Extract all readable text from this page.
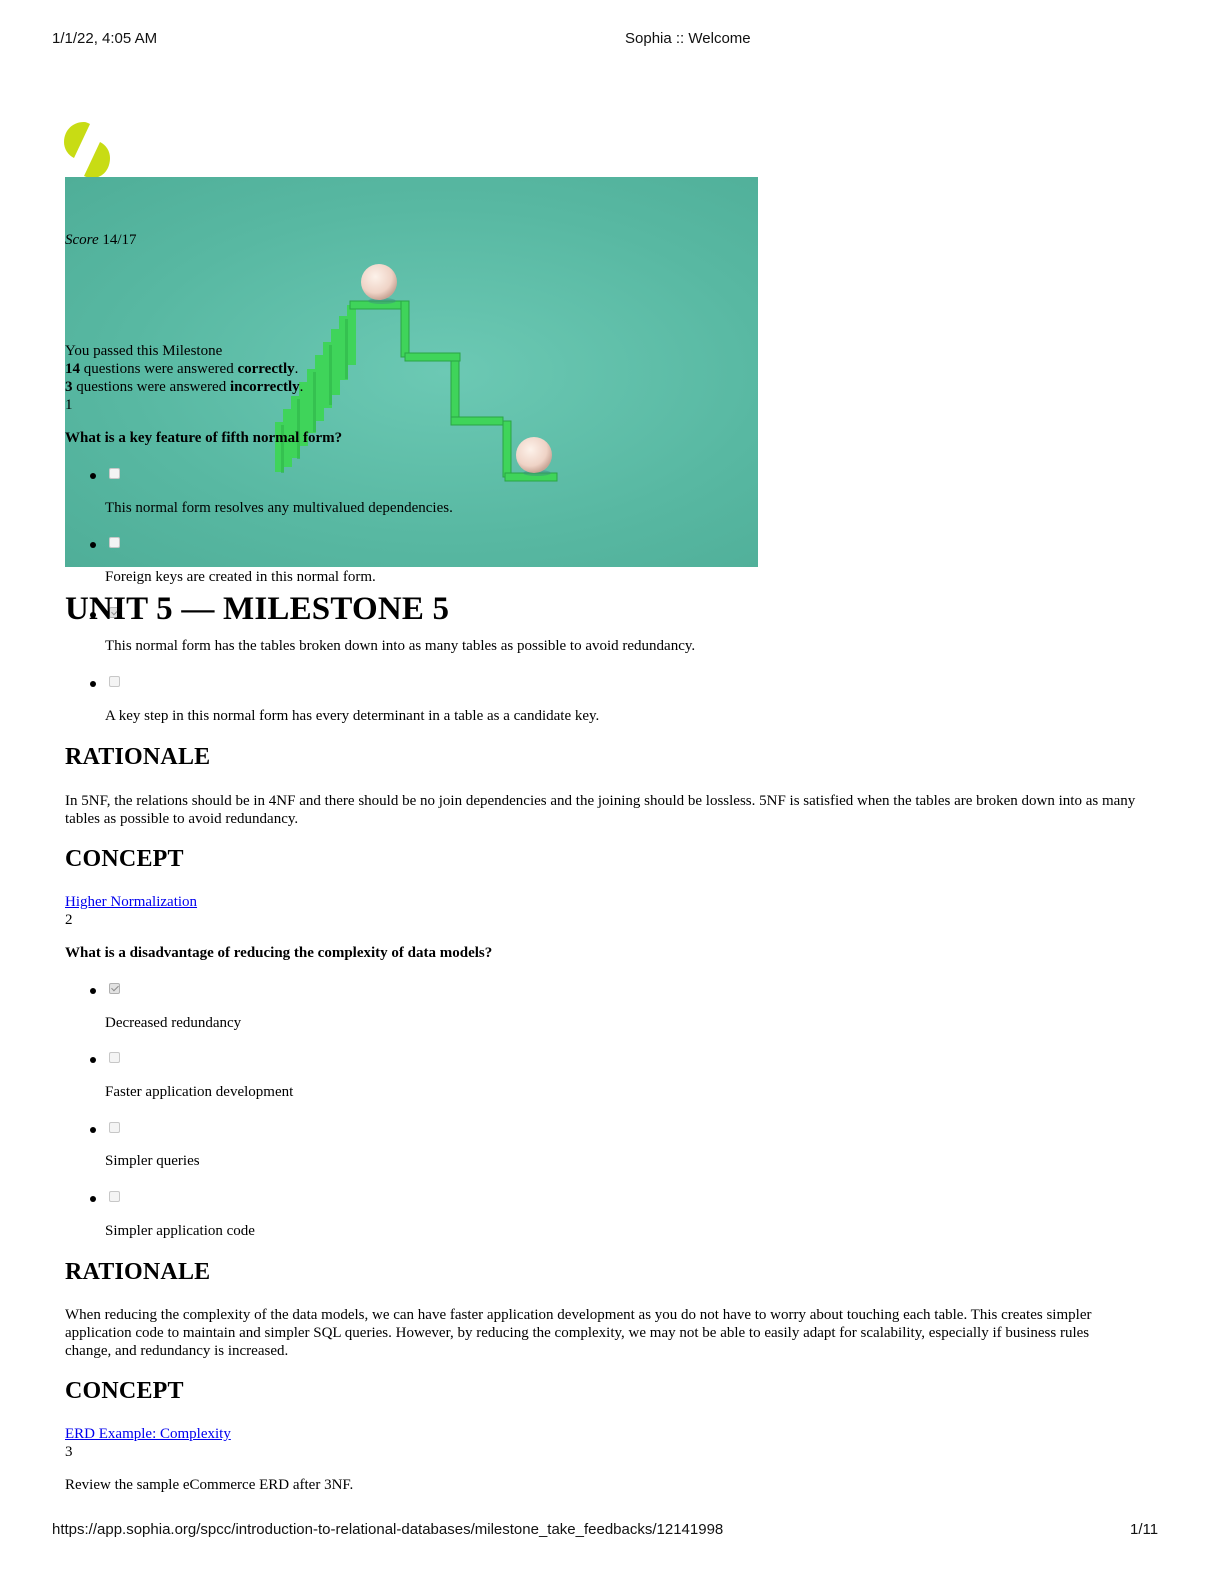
1/1/22, 4:05 AM	Sophia :: Welcome
Score 14/17
You passed this Milestone
14 questions were answered correctly.
3 questions were answered incorrectly.
1
What is a key feature of fifth normal form?
This normal form resolves any multivalued dependencies.
Foreign keys are created in this normal form.
This normal form has the tables broken down into as many tables as possible to avoid redundancy.
A key step in this normal form has every determinant in a table as a candidate key.
UNIT 5 — MILESTONE 5
RATIONALE
In 5NF, the relations should be in 4NF and there should be no join dependencies and the joining should be lossless. 5NF is satisfied when the tables are broken down into as many tables as possible to avoid redundancy.
CONCEPT
Higher Normalization
2
What is a disadvantage of reducing the complexity of data models?
Decreased redundancy
Faster application development
Simpler queries
Simpler application code
RATIONALE
When reducing the complexity of the data models, we can have faster application development as you do not have to worry about touching each table. This creates simpler application code to maintain and simpler SQL queries. However, by reducing the complexity, we may not be able to easily adapt for scalability, especially if business rules change, and redundancy is increased.
CONCEPT
ERD Example: Complexity
3
Review the sample eCommerce ERD after 3NF.
https://app.sophia.org/spcc/introduction-to-relational-databases/milestone_take_feedbacks/12141998	1/11
